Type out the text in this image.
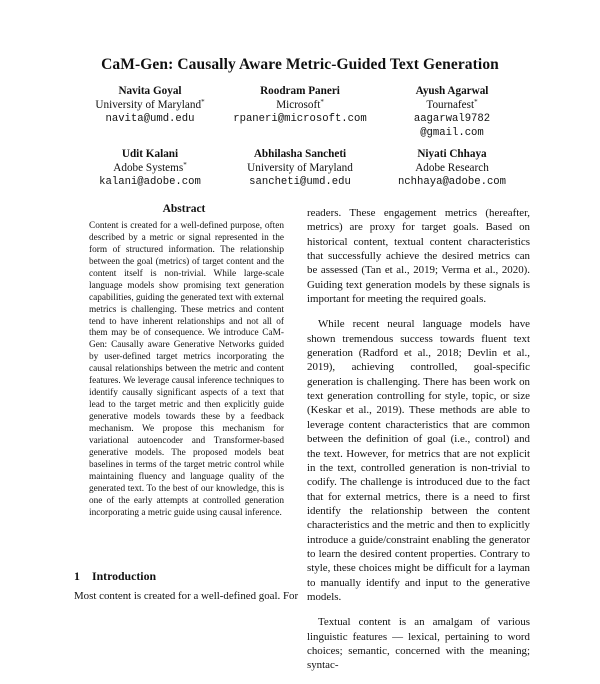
CaM-Gen: Causally Aware Metric-Guided Text Generation
Navita Goyal
University of Maryland*
navita@umd.edu
Roodram Paneri
Microsoft*
rpaneri@microsoft.com
Ayush Agarwal
Tournafest*
aagarwal9782
@gmail.com
Udit Kalani
Adobe Systems*
kalani@adobe.com
Abhilasha Sancheti
University of Maryland
sancheti@umd.edu
Niyati Chhaya
Adobe Research
nchhaya@adobe.com
Abstract
Content is created for a well-defined purpose, often described by a metric or signal represented in the form of structured information. The relationship between the goal (metrics) of target content and the content itself is non-trivial. While large-scale language models show promising text generation capabilities, guiding the generated text with external metrics is challenging. These metrics and content tend to have inherent relationships and not all of them may be of consequence. We introduce CaM-Gen: Causally aware Generative Networks guided by user-defined target metrics incorporating the causal relationships between the metric and content features. We leverage causal inference techniques to identify causally significant aspects of a text that lead to the target metric and then explicitly guide generative models towards these by a feedback mechanism. We propose this mechanism for variational autoencoder and Transformer-based generative models. The proposed models beat baselines in terms of the target metric control while maintaining fluency and language quality of the generated text. To the best of our knowledge, this is one of the early attempts at controlled generation incorporating a metric guide using causal inference.
1 Introduction
Most content is created for a well-defined goal. For

readers. These engagement metrics (hereafter, metrics) are proxy for target goals. Based on historical content, textual content characteristics that successfully achieve the desired metrics can be assessed (Tan et al., 2019; Verma et al., 2020). Guiding text generation models by these signals is important for meeting the required goals.

While recent neural language models have shown tremendous success towards fluent text generation (Radford et al., 2018; Devlin et al., 2019), achieving controlled, goal-specific generation is challenging. There has been work on text generation controlling for style, topic, or size (Keskar et al., 2019). These methods are able to leverage content characteristics that are common between the definition of goal (i.e., control) and the text. However, for metrics that are not explicit in the text, controlled generation is non-trivial to codify. The challenge is introduced due to the fact that for external metrics, there is a need to first identify the relationship between the content characteristics and the metric and then to explicitly introduce a guide/constraint enabling the generator to learn the desired content properties. Contrary to style, these choices might be difficult for a layman to manually identify and input to the generative models.

Textual content is an amalgam of various linguistic features — lexical, pertaining to word choices; semantic, concerned with the meaning; syntac-
